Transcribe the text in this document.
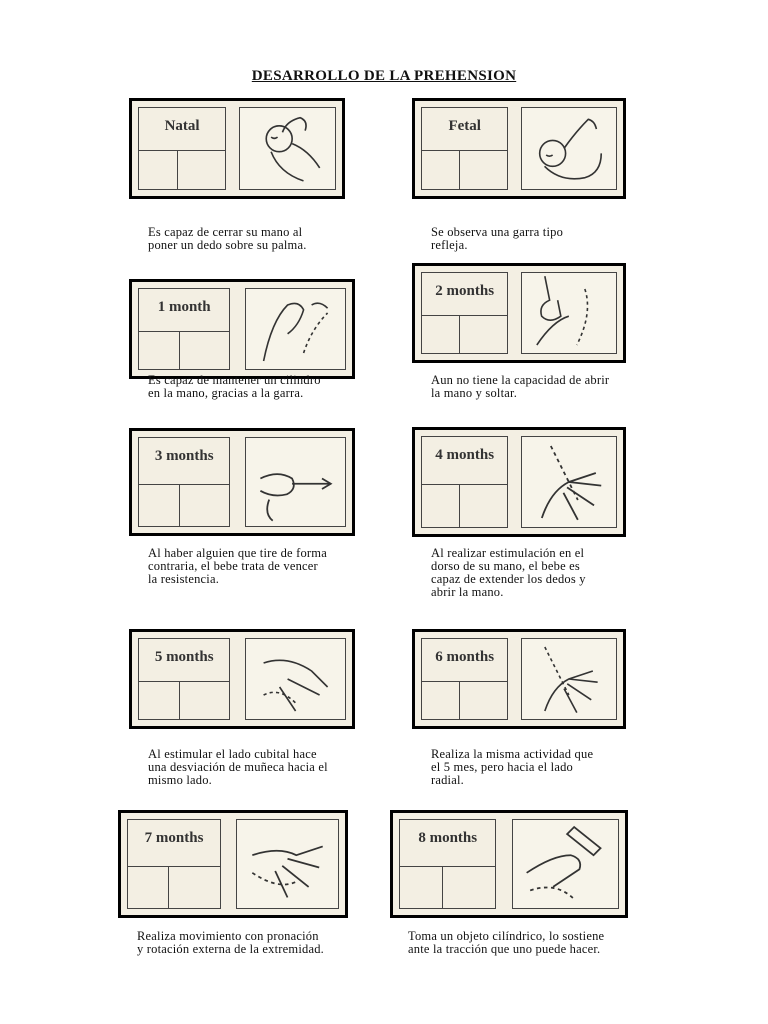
DESARROLLO DE LA PREHENSION
Natal
Es capaz de cerrar su mano al
poner un dedo sobre su palma.
Fetal
Se observa una garra tipo
refleja.
1 month
Es capaz de mantener un cilindro
en la mano, gracias a la garra.
2 months
Aun no tiene la capacidad de abrir
la mano y soltar.
3 months
Al haber alguien que tire de forma
contraria, el bebe trata de vencer
la resistencia.
4 months
Al realizar estimulación en el
dorso de su mano, el bebe es
capaz de extender los dedos y
abrir la mano.
5 months
Al estimular el lado cubital hace
una desviación de muñeca hacia el
mismo lado.
6 months
Realiza la misma actividad que
el 5 mes, pero hacia el lado
radial.
7 months
Realiza movimiento con pronación
y rotación externa de la extremidad.
8 months
Toma un objeto cilíndrico, lo sostiene
ante la tracción que uno puede hacer.
